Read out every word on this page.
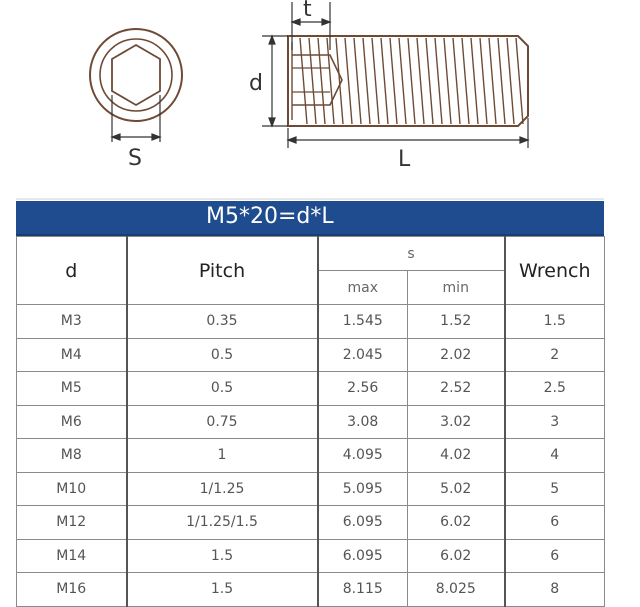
S
t
d
L
M5*20=d*L
d	Pitch	s		Wrench
		max	min	
M3	0.35	1.545	1.52	1.5
M4	0.5	2.045	2.02	2
M5	0.5	2.56	2.52	2.5
M6	0.75	3.08	3.02	3
M8	1	4.095	4.02	4
M10	1/1.25	5.095	5.02	5
M12	1/1.25/1.5	6.095	6.02	6
M14	1.5	6.095	6.02	6
M16	1.5	8.115	8.025	8
